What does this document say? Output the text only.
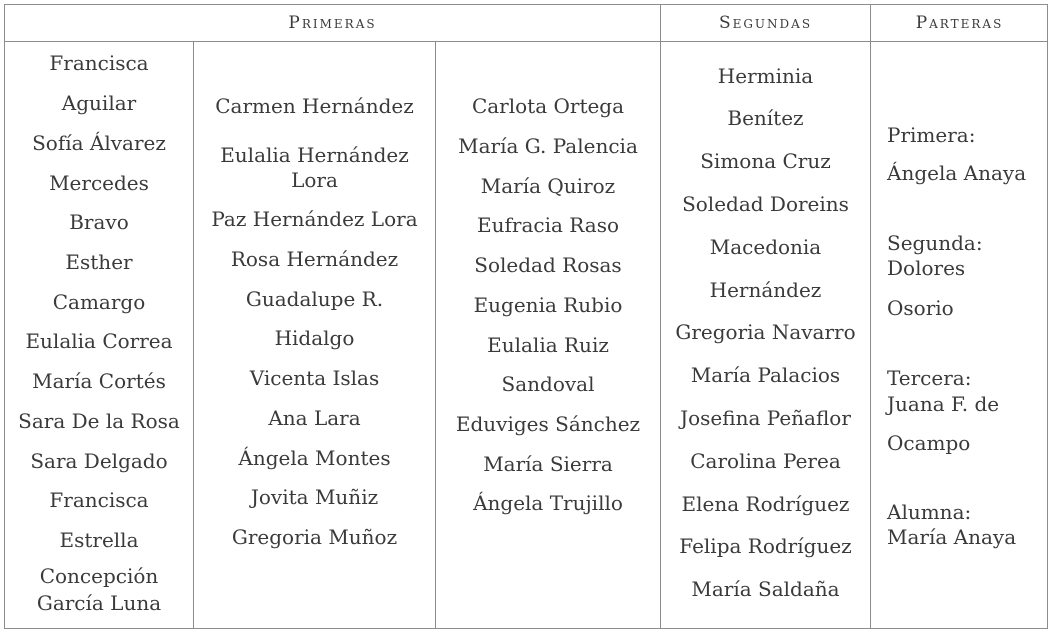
Primeras	Segundas	Parteras
Francisca
Aguilar
Sofía Álvarez
Mercedes
Bravo
Esther
Camargo
Eulalia Correa
María Cortés
Sara De la Rosa
Sara Delgado
Francisca
Estrella
Concepción
García Luna
Carmen Hernández
Eulalia Hernández
Lora
Paz Hernández Lora
Rosa Hernández
Guadalupe R.
Hidalgo
Vicenta Islas
Ana Lara
Ángela Montes
Jovita Muñiz
Gregoria Muñoz
Carlota Ortega
María G. Palencia
María Quiroz
Eufracia Raso
Soledad Rosas
Eugenia Rubio
Eulalia Ruiz
Sandoval
Eduviges Sánchez
María Sierra
Ángela Trujillo
Herminia
Benítez
Simona Cruz
Soledad Doreins
Macedonia
Hernández
Gregoria Navarro
María Palacios
Josefina Peñaflor
Carolina Perea
Elena Rodríguez
Felipa Rodríguez
María Saldaña
Primera:
Ángela Anaya
Segunda:
Dolores
Osorio
Tercera:
Juana F. de
Ocampo
Alumna:
María Anaya
